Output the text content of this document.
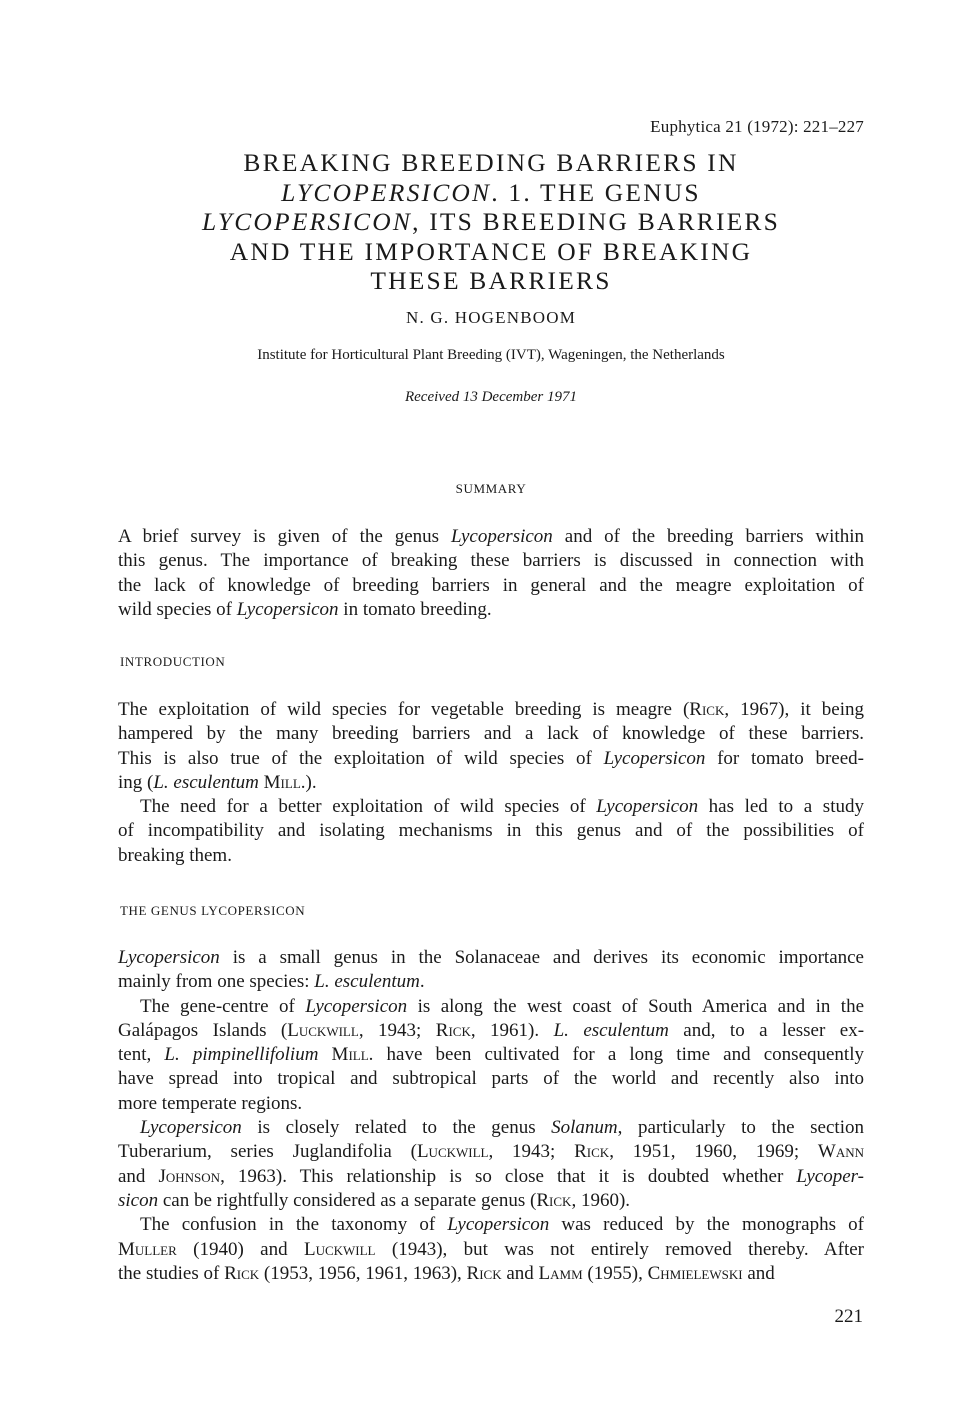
Euphytica 21 (1972): 221–227
BREAKING BREEDING BARRIERS IN
LYCOPERSICON. 1. THE GENUS
LYCOPERSICON, ITS BREEDING BARRIERS
AND THE IMPORTANCE OF BREAKING
THESE BARRIERS
N. G. HOGENBOOM
Institute for Horticultural Plant Breeding (IVT), Wageningen, the Netherlands
Received 13 December 1971
SUMMARY

A brief survey is given of the genus Lycopersicon and of the breeding barriers within
this genus. The importance of breaking these barriers is discussed in connection with
the lack of knowledge of breeding barriers in general and the meagre exploitation of
wild species of Lycopersicon in tomato breeding.

INTRODUCTION

The exploitation of wild species for vegetable breeding is meagre (Rick, 1967), it being
hampered by the many breeding barriers and a lack of knowledge of these barriers.
This is also true of the exploitation of wild species of Lycopersicon for tomato breed-
ing (L. esculentum Mill.).
The need for a better exploitation of wild species of Lycopersicon has led to a study
of incompatibility and isolating mechanisms in this genus and of the possibilities of
breaking them.

THE GENUS LYCOPERSICON

Lycopersicon is a small genus in the Solanaceae and derives its economic importance
mainly from one species: L. esculentum.
The gene-centre of Lycopersicon is along the west coast of South America and in the
Galápagos Islands (Luckwill, 1943; Rick, 1961). L. esculentum and, to a lesser ex-
tent, L. pimpinellifolium Mill. have been cultivated for a long time and consequently
have spread into tropical and subtropical parts of the world and recently also into
more temperate regions.
Lycopersicon is closely related to the genus Solanum, particularly to the section
Tuberarium, series Juglandifolia (Luckwill, 1943; Rick, 1951, 1960, 1969; Wann
and Johnson, 1963). This relationship is so close that it is doubted whether Lycoper-
sicon can be rightfully considered as a separate genus (Rick, 1960).
The confusion in the taxonomy of Lycopersicon was reduced by the monographs of
Muller (1940) and Luckwill (1943), but was not entirely removed thereby. After
the studies of Rick (1953, 1956, 1961, 1963), Rick and Lamm (1955), Chmielewski and

221
